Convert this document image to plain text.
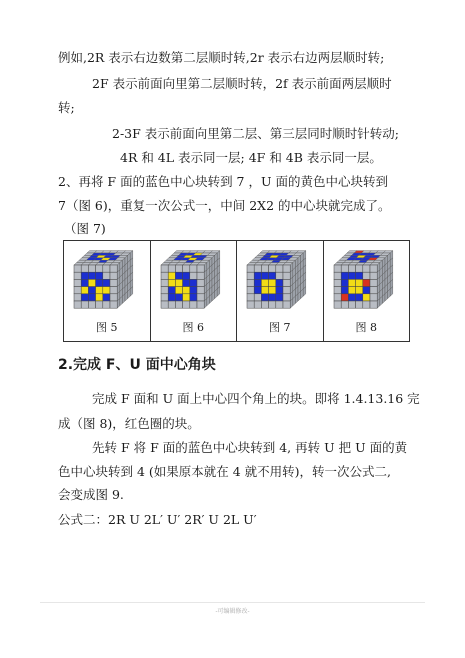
例如,2R 表示右边数第二层顺时转,2r 表示右边两层顺时转;
2F 表示前面向里第二层顺时转，2f 表示前面两层顺时
转;
2-3F 表示前面向里第二层、第三层同时顺时针转动;
4R 和 4L 表示同一层; 4F 和 4B 表示同一层。
2、再将 F 面的蓝色中心块转到 7 ，U 面的黄色中心块转到
7（图 6)，重复一次公式一，中间 2X2 的中心块就完成了。
（图 7)
图 5	图 6	图 7	图 8
2.完成 F、U 面中心角块
完成 F 面和 U 面上中心四个角上的块。即将 1.4.13.16 完
成（图 8)，红色圈的块。
先转 F 将 F 面的蓝色中心块转到 4, 再转 U 把 U 面的黄
色中心块转到 4 (如果原本就在 4 就不用转)，转一次公式二,
会变成图 9.
公式二：2R U 2L′ U′ 2R′ U 2L U′
-可编辑修改-
